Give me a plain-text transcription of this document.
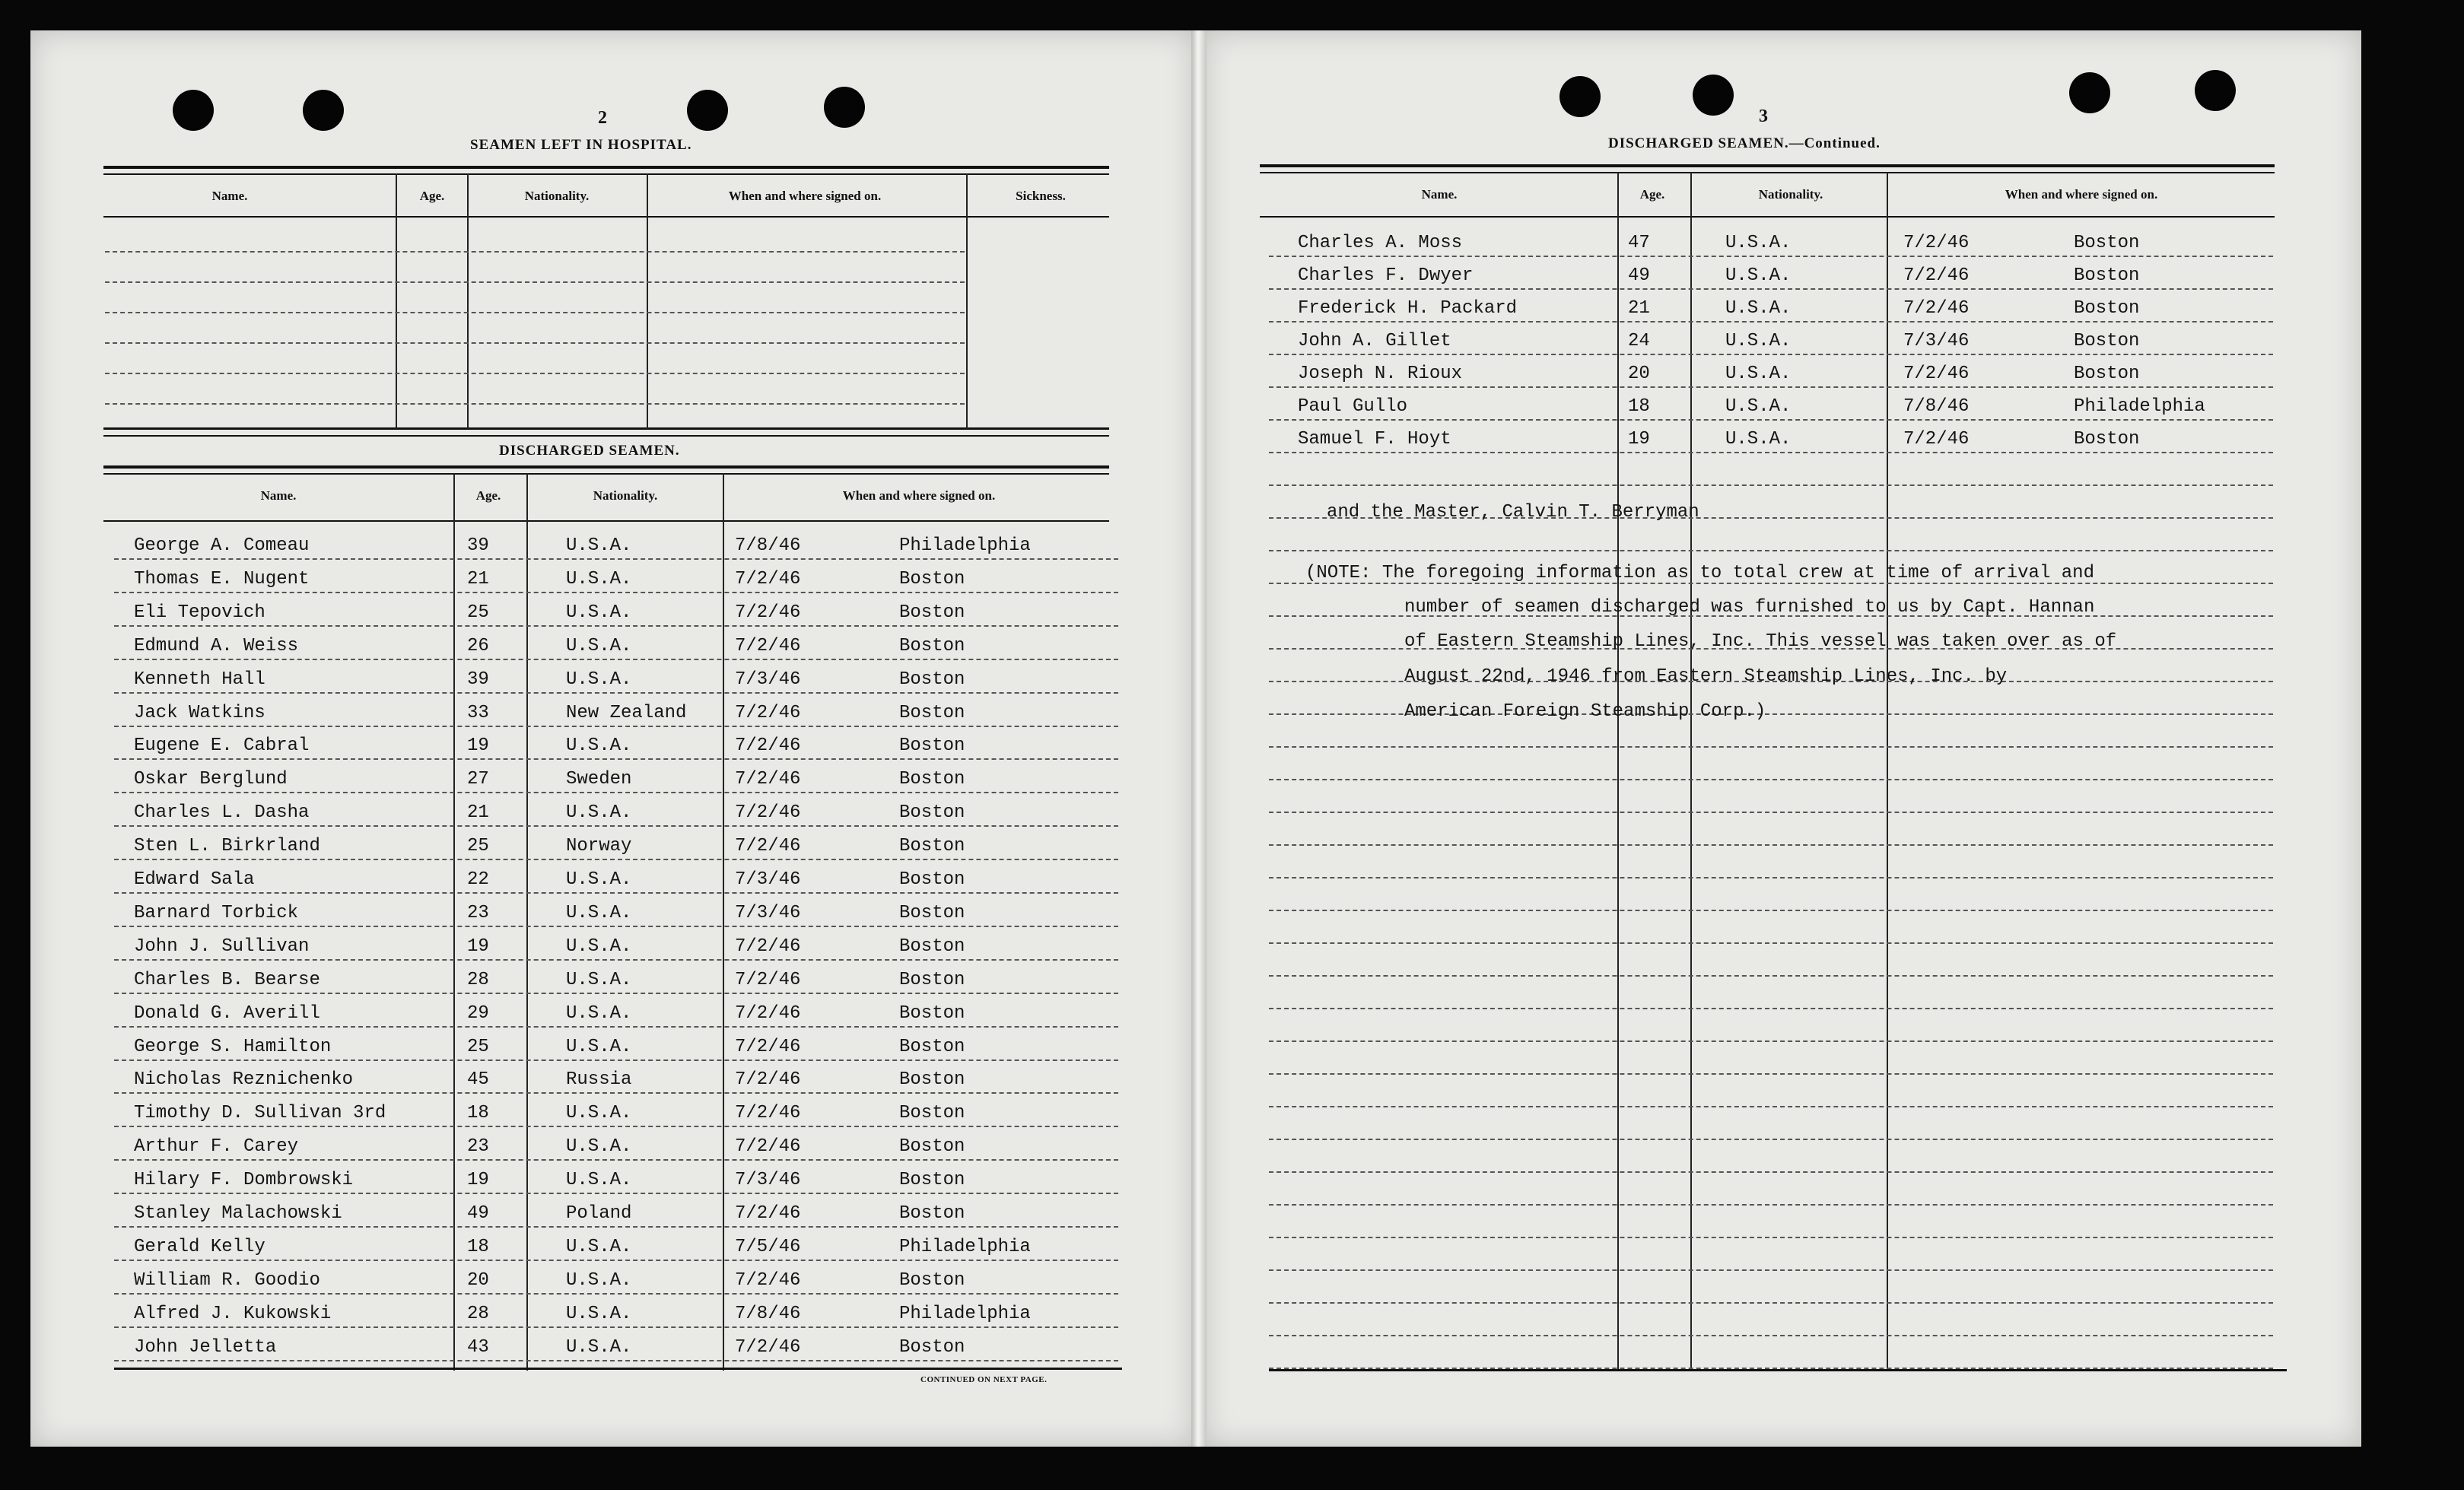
2
SEAMEN LEFT IN HOSPITAL.
Name.	Age.	Nationality.	When and where signed on.	Sickness.
DISCHARGED SEAMEN.
Name.	Age.	Nationality.	When and where signed on.
George A. Comeau	39	U.S.A.	7/8/46	Philadelphia
Thomas E. Nugent	21	U.S.A.	7/2/46	Boston
Eli Tepovich	25	U.S.A.	7/2/46	Boston
Edmund A. Weiss	26	U.S.A.	7/2/46	Boston
Kenneth Hall	39	U.S.A.	7/3/46	Boston
Jack Watkins	33	New Zealand	7/2/46	Boston
Eugene E. Cabral	19	U.S.A.	7/2/46	Boston
Oskar Berglund	27	Sweden	7/2/46	Boston
Charles L. Dasha	21	U.S.A.	7/2/46	Boston
Sten L. Birkrland	25	Norway	7/2/46	Boston
Edward Sala	22	U.S.A.	7/3/46	Boston
Barnard Torbick	23	U.S.A.	7/3/46	Boston
John J. Sullivan	19	U.S.A.	7/2/46	Boston
Charles B. Bearse	28	U.S.A.	7/2/46	Boston
Donald G. Averill	29	U.S.A.	7/2/46	Boston
George S. Hamilton	25	U.S.A.	7/2/46	Boston
Nicholas Reznichenko	45	Russia	7/2/46	Boston
Timothy D. Sullivan 3rd	18	U.S.A.	7/2/46	Boston
Arthur F. Carey	23	U.S.A.	7/2/46	Boston
Hilary F. Dombrowski	19	U.S.A.	7/3/46	Boston
Stanley Malachowski	49	Poland	7/2/46	Boston
Gerald Kelly	18	U.S.A.	7/5/46	Philadelphia
William R. Goodio	20	U.S.A.	7/2/46	Boston
Alfred J. Kukowski	28	U.S.A.	7/8/46	Philadelphia
John Jelletta	43	U.S.A.	7/2/46	Boston
CONTINUED ON NEXT PAGE.
3
DISCHARGED SEAMEN.—Continued.
Name.	Age.	Nationality.	When and where signed on.
Charles A. Moss	47	U.S.A.	7/2/46	Boston
Charles F. Dwyer	49	U.S.A.	7/2/46	Boston
Frederick H. Packard	21	U.S.A.	7/2/46	Boston
John A. Gillet	24	U.S.A.	7/3/46	Boston
Joseph N. Rioux	20	U.S.A.	7/2/46	Boston
Paul Gullo	18	U.S.A.	7/8/46	Philadelphia
Samuel F. Hoyt	19	U.S.A.	7/2/46	Boston
and the Master, Calvin T. Berryman
(NOTE: The foregoing information as to total crew at time of arrival and
number of seamen discharged was furnished to us by Capt. Hannan
of Eastern Steamship Lines, Inc. This vessel was taken over as of
August 22nd, 1946 from Eastern Steamship Lines, Inc. by
American Foreign Steamship Corp.)
